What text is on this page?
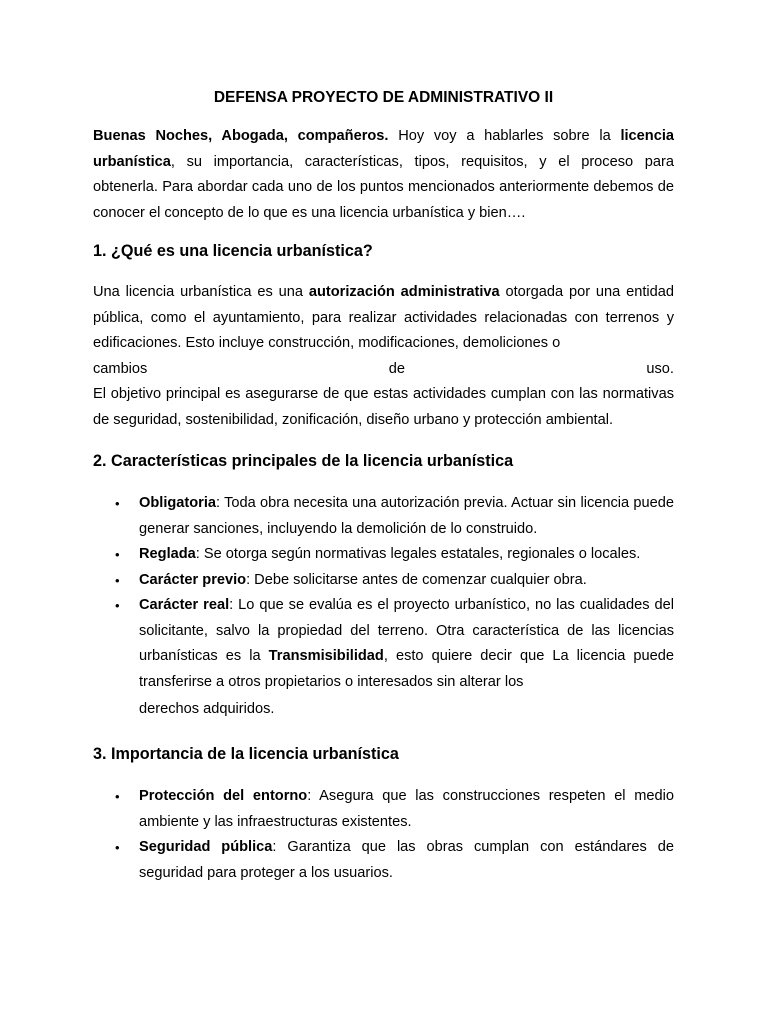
DEFENSA PROYECTO DE ADMINISTRATIVO II

Buenas Noches, Abogada, compañeros. Hoy voy a hablarles sobre la licencia urbanística, su importancia, características, tipos, requisitos, y el proceso para obtenerla. Para abordar cada uno de los puntos mencionados anteriormente debemos de conocer el concepto de lo que es una licencia urbanística y bien….

1. ¿Qué es una licencia urbanística?

Una licencia urbanística es una autorización administrativa otorgada por una entidad pública, como el ayuntamiento, para realizar actividades relacionadas con terrenos y edificaciones. Esto incluye construcción, modificaciones, demoliciones o

cambios	de	uso.

El objetivo principal es asegurarse de que estas actividades cumplan con las normativas de seguridad, sostenibilidad, zonificación, diseño urbano y protección ambiental.

2. Características principales de la licencia urbanística
• Obligatoria: Toda obra necesita una autorización previa. Actuar sin licencia puede generar sanciones, incluyendo la demolición de lo construido.
• Reglada: Se otorga según normativas legales estatales, regionales o locales.
• Carácter previo: Debe solicitarse antes de comenzar cualquier obra.
• Carácter real: Lo que se evalúa es el proyecto urbanístico, no las cualidades del solicitante, salvo la propiedad del terreno. Otra característica de las licencias urbanísticas es la Transmisibilidad, esto quiere decir que La licencia puede transferirse a otros propietarios o interesados sin alterar los
derechos adquiridos.
3. Importancia de la licencia urbanística
• Protección del entorno: Asegura que las construcciones respeten el medio ambiente y las infraestructuras existentes.
• Seguridad pública: Garantiza que las obras cumplan con estándares de seguridad para proteger a los usuarios.
